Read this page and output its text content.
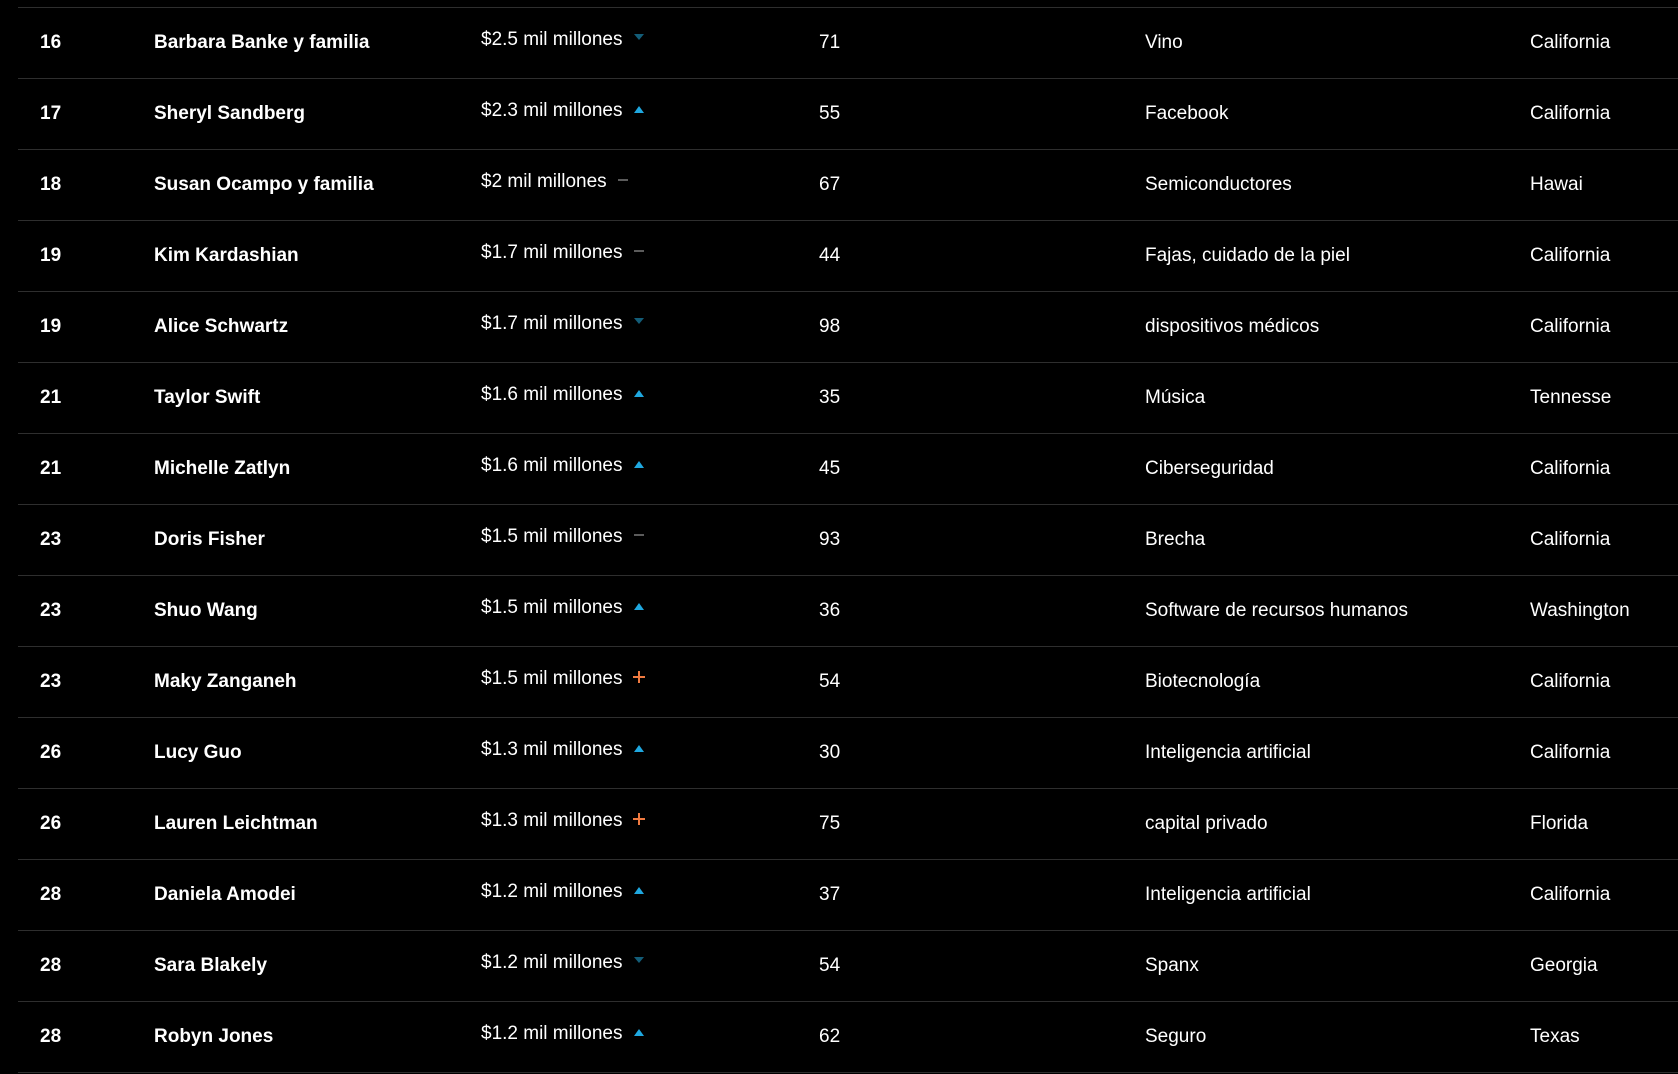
16	Barbara Banke y familia	$2.5 mil millones	71	Vino	California
17	Sheryl Sandberg	$2.3 mil millones	55	Facebook	California
18	Susan Ocampo y familia	$2 mil millones	67	Semiconductores	Hawai
19	Kim Kardashian	$1.7 mil millones	44	Fajas, cuidado de la piel	California
19	Alice Schwartz	$1.7 mil millones	98	dispositivos médicos	California
21	Taylor Swift	$1.6 mil millones	35	Música	Tennesse
21	Michelle Zatlyn	$1.6 mil millones	45	Ciberseguridad	California
23	Doris Fisher	$1.5 mil millones	93	Brecha	California
23	Shuo Wang	$1.5 mil millones	36	Software de recursos humanos	Washington
23	Maky Zanganeh	$1.5 mil millones	54	Biotecnología	California
26	Lucy Guo	$1.3 mil millones	30	Inteligencia artificial	California
26	Lauren Leichtman	$1.3 mil millones	75	capital privado	Florida
28	Daniela Amodei	$1.2 mil millones	37	Inteligencia artificial	California
28	Sara Blakely	$1.2 mil millones	54	Spanx	Georgia
28	Robyn Jones	$1.2 mil millones	62	Seguro	Texas
